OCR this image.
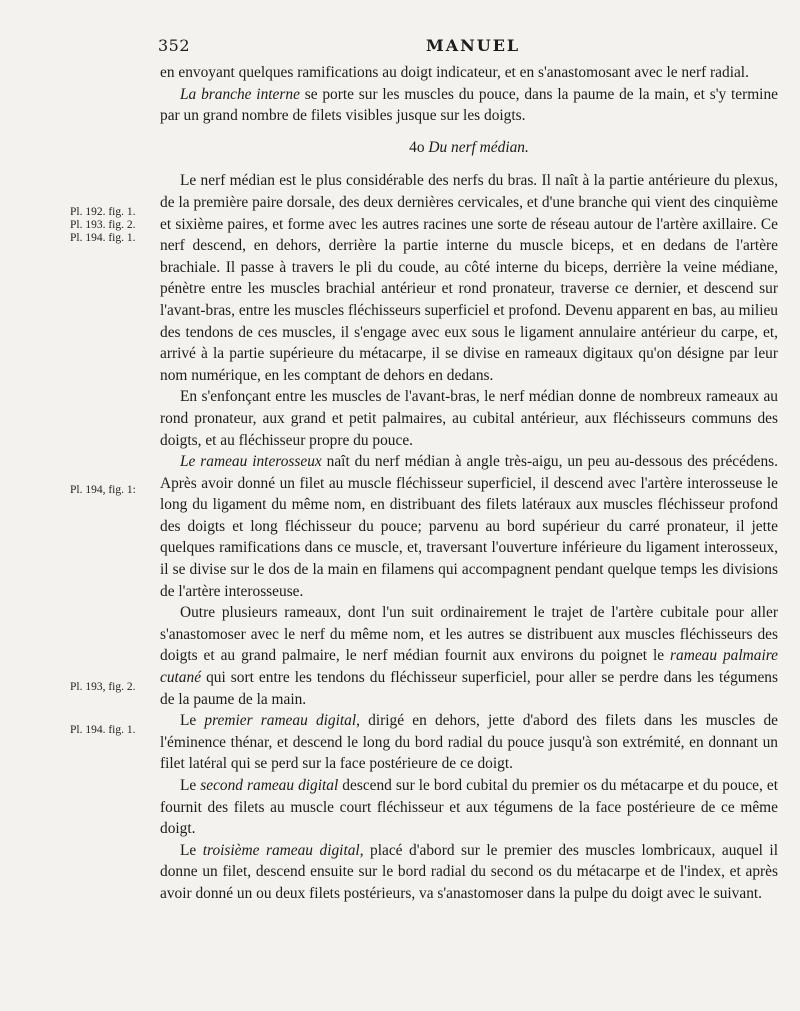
352	MANUEL
Pl. 192. fig. 1.
Pl. 193. fig. 2.
Pl. 194. fig. 1.
Pl. 194, fig. 1:
Pl. 193, fig. 2.
Pl. 194. fig. 1.

en envoyant quelques ramifications au doigt indicateur, et en s'anastomosant avec le nerf radial.

La branche interne se porte sur les muscles du pouce, dans la paume de la main, et s'y termine par un grand nombre de filets visibles jusque sur les doigts.

4o Du nerf médian.

Le nerf médian est le plus considérable des nerfs du bras. Il naît à la partie antérieure du plexus, de la première paire dorsale, des deux dernières cervicales, et d'une branche qui vient des cinquième et sixième paires, et forme avec les autres racines une sorte de réseau autour de l'artère axillaire. Ce nerf descend, en dehors, derrière la partie interne du muscle biceps, et en dedans de l'artère brachiale. Il passe à travers le pli du coude, au côté interne du biceps, derrière la veine médiane, pénètre entre les muscles brachial antérieur et rond pronateur, traverse ce dernier, et descend sur l'avant-bras, entre les muscles fléchisseurs superficiel et profond. Devenu apparent en bas, au milieu des tendons de ces muscles, il s'engage avec eux sous le ligament annulaire antérieur du carpe, et, arrivé à la partie supérieure du métacarpe, il se divise en rameaux digitaux qu'on désigne par leur nom numérique, en les comptant de dehors en dedans.

En s'enfonçant entre les muscles de l'avant-bras, le nerf médian donne de nombreux rameaux au rond pronateur, aux grand et petit palmaires, au cubital antérieur, aux fléchisseurs communs des doigts, et au fléchisseur propre du pouce.

Le rameau interosseux naît du nerf médian à angle très-aigu, un peu au-dessous des précédens. Après avoir donné un filet au muscle fléchisseur superficiel, il descend avec l'artère interosseuse le long du ligament du même nom, en distribuant des filets latéraux aux muscles fléchisseur profond des doigts et long fléchisseur du pouce; parvenu au bord supérieur du carré pronateur, il jette quelques ramifications dans ce muscle, et, traversant l'ouverture inférieure du ligament interosseux, il se divise sur le dos de la main en filamens qui accompagnent pendant quelque temps les divisions de l'artère interosseuse.

Outre plusieurs rameaux, dont l'un suit ordinairement le trajet de l'artère cubitale pour aller s'anastomoser avec le nerf du même nom, et les autres se distribuent aux muscles fléchisseurs des doigts et au grand palmaire, le nerf médian fournit aux environs du poignet le rameau palmaire cutané qui sort entre les tendons du fléchisseur superficiel, pour aller se perdre dans les tégumens de la paume de la main.

Le premier rameau digital, dirigé en dehors, jette d'abord des filets dans les muscles de l'éminence thénar, et descend le long du bord radial du pouce jusqu'à son extrémité, en donnant un filet latéral qui se perd sur la face postérieure de ce doigt.

Le second rameau digital descend sur le bord cubital du premier os du métacarpe et du pouce, et fournit des filets au muscle court fléchisseur et aux tégumens de la face postérieure de ce même doigt.

Le troisième rameau digital, placé d'abord sur le premier des muscles lombricaux, auquel il donne un filet, descend ensuite sur le bord radial du second os du métacarpe et de l'index, et après avoir donné un ou deux filets postérieurs, va s'anastomoser dans la pulpe du doigt avec le suivant.
